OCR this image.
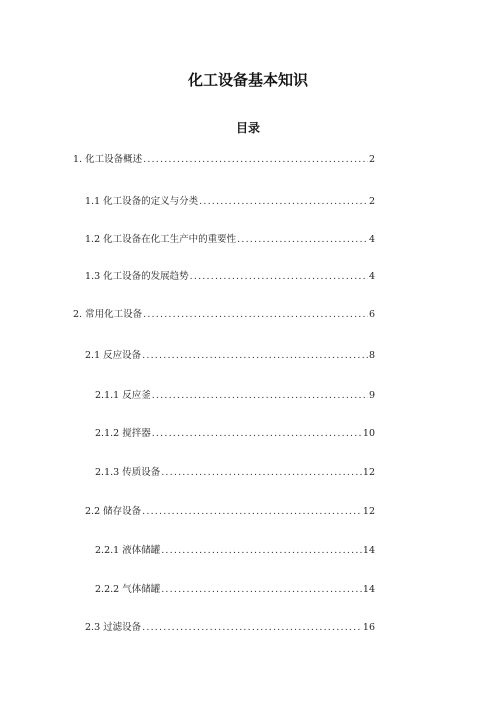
化工设备基本知识
目录
1. 化工设备概述 .....	2
1.1 化工设备的定义与分类 .....	2
1.2 化工设备在化工生产中的重要性 .....	4
1.3 化工设备的发展趋势 .....	4
2. 常用化工设备 .....	6
2.1 反应设备 .....	8
2.1.1 反应釜 .....	9
2.1.2 搅拌器 .....	10
2.1.3 传质设备 .....	12
2.2 储存设备 .....	12
2.2.1 液体储罐 .....	14
2.2.2 气体储罐 .....	14
2.3 过滤设备 .....	16
